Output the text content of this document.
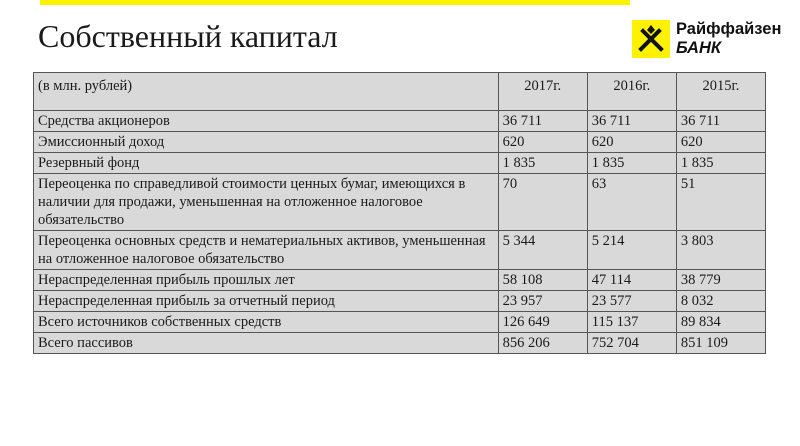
Собственный капитал	Райффайзен
БАНК
(в млн. рублей)	2017г.	2016г.	2015г.
Средства акционеров	36 711	36 711	36 711
Эмиссионный доход	620	620	620
Резервный фонд	1 835	1 835	1 835
Переоценка по справедливой стоимости ценных бумаг, имеющихся в наличии для продажи, уменьшенная на отложенное налоговое обязательство	70	63	51
Переоценка основных средств и нематериальных активов, уменьшенная на отложенное налоговое обязательство	5 344	5 214	3 803
Нераспределенная прибыль прошлых лет	58 108	47 114	38 779
Нераспределенная прибыль за отчетный период	23 957	23 577	8 032
Всего источников собственных средств	126 649	115 137	89 834
Всего пассивов	856 206	752 704	851 109
